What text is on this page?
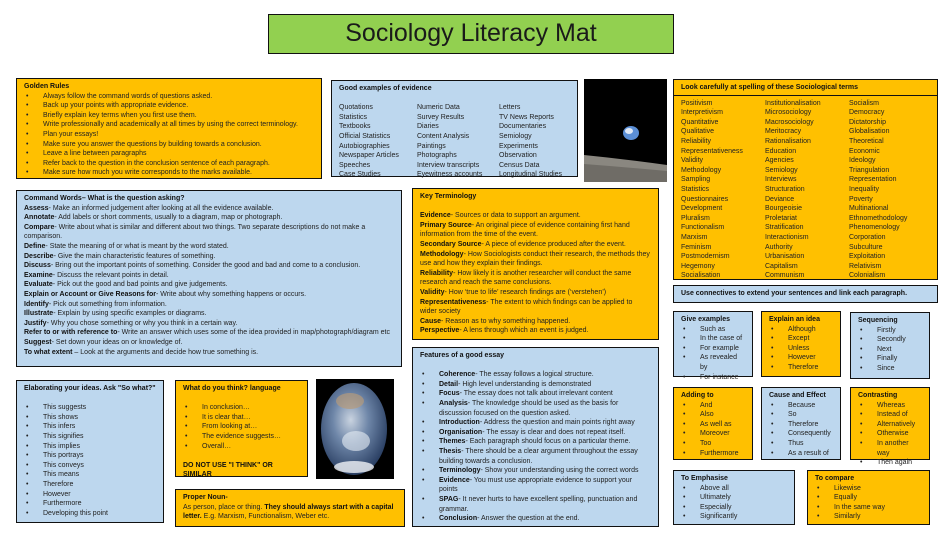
Sociology Literacy Mat
Golden Rules
• Always follow the command words of questions asked.
• Back up your points with appropriate evidence.
• Briefly explain key terms when you first use them.
• Write professionally and academically at all times by using the correct terminology.
• Plan your essays!
• Make sure you answer the questions by building towards a conclusion.
• Leave a line between paragraphs
• Refer back to the question in the conclusion sentence of each paragraph.
• Make sure how much you write corresponds to the marks available.
Good examples of evidence
Quotations	Numeric Data	Letters
Statistics	Survey Results	TV News Reports
Textbooks	Diaries	Documentaries
Official Statistics	Content Analysis	Semiology
Autobiographies	Paintings	Experiments
Newspaper Articles	Photographs	Observation
Speeches	Interview transcripts	Census Data
Case Studies	Eyewitness accounts	Longitudinal Studies
Look carefully at spelling of these Sociological terms
Positivism	Institutionalisation	Socialism
Interpretivism	Microsociology	Democracy
Quantitative	Macrosociology	Dictatorship
Qualitative	Meritocracy	Globalisation
Reliability	Rationalisation	Theoretical
Representativeness	Education	Economic
Validity	Agencies	Ideology
Methodology	Semiology	Triangulation
Sampling	Interviews	Representation
Statistics	Structuration	Inequality
Questionnaires	Deviance	Poverty
Development	Bourgeoisie	Multinational
Pluralism	Proletariat	Ethnomethodology
Functionalism	Stratification	Phenomenology
Marxism	Interactionism	Corporation
Feminism	Authority	Subculture
Postmodernism	Urbanisation	Exploitation
Hegemony	Capitalism	Relativism
Socialisation	Communism	Colonialism
Command Words– What is the question asking?
Assess- Make an informed judgement after looking at all the evidence available.
Annotate- Add labels or short comments, usually to a diagram, map or photograph.
Compare- Write about what is similar and different about two things. Two separate descriptions do not make a comparison.
Define- State the meaning of or what is meant by the word stated.
Describe- Give the main characteristic features of something.
Discuss- Bring out the important points of something. Consider the good and bad and come to a conclusion.
Examine- Discuss the relevant points in detail.
Evaluate- Pick out the good and bad points and give judgements.
Explain or Account or Give Reasons for- Write about why something happens or occurs.
Identify- Pick out something from information.
Illustrate- Explain by using specific examples or diagrams.
Justify- Why you chose something or why you think in a certain way.
Refer to or with reference to- Write an answer which uses some of the idea provided in map/photograph/diagram etc
Suggest- Set down your ideas on or knowledge of.
To what extent – Look at the arguments and decide how true something is.
Key Terminology
Evidence- Sources or data to support an argument.
Primary Source- An original piece of evidence containing first hand information from the time of the event.
Secondary Source- A piece of evidence produced after the event.
Methodology- How Sociologists conduct their research, the methods they use and how they explain their findings.
Reliability- How likely it is another researcher will conduct the same research and reach the same conclusions.
Validity- How ‘true to life’ research findings are (‘verstehen’)
Representativeness- The extent to which findings can be applied to wider society
Cause- Reason as to why something happened.
Perspective- A lens through which an event is judged.
Use connectives to extend your sentences and link each paragraph.
Features of a good essay
• Coherence- The essay follows a logical structure.
• Detail- High level understanding is demonstrated
• Focus- The essay does not talk about irrelevant content
• Analysis- The knowledge should be used as the basis for discussion focused on the question asked.
• Introduction- Address the question and main points right away
• Organisation- The essay is clear and does not repeat itself.
• Themes- Each paragraph should focus on a particular theme.
• Thesis- There should be a clear argument throughout the essay building towards a conclusion.
• Terminology- Show your understanding using the correct words
• Evidence- You must use appropriate evidence to support your points
• SPAG- It never hurts to have excellent spelling, punctuation and grammar.
• Conclusion- Answer the question at the end.
Elaborating your ideas. Ask "So what?"
• This suggests
• This shows
• This infers
• This signifies
• This implies
• This portrays
• This conveys
• This means
• Therefore
• However
• Furthermore
• Developing this point
What do you think? language
• In conclusion…
• It is clear that…
• From looking at…
• The evidence suggests…
• Overall…
DO NOT USE "I THINK" OR SIMILAR
Proper Noun-
As person, place or thing. They should always start with a capital letter. E.g. Marxism, Functionalism, Weber etc.
Give examples
• Such as
• In the case of
• For example
• As revealed by
• For instance
Explain an idea
• Although
• Except
• Unless
• However
• Therefore
Sequencing
• Firstly
• Secondly
• Next
• Finally
• Since
Adding to
• And
• Also
• As well as
• Moreover
• Too
• Furthermore
Cause and Effect
• Because
• So
• Therefore
• Consequently
• Thus
• As a result of
Contrasting
• Whereas
• Instead of
• Alternatively
• Otherwise
• In another way
• Then again
To Emphasise
• Above all
• Ultimately
• Especially
• Significantly
To compare
• Likewise
• Equally
• In the same way
• Similarly
